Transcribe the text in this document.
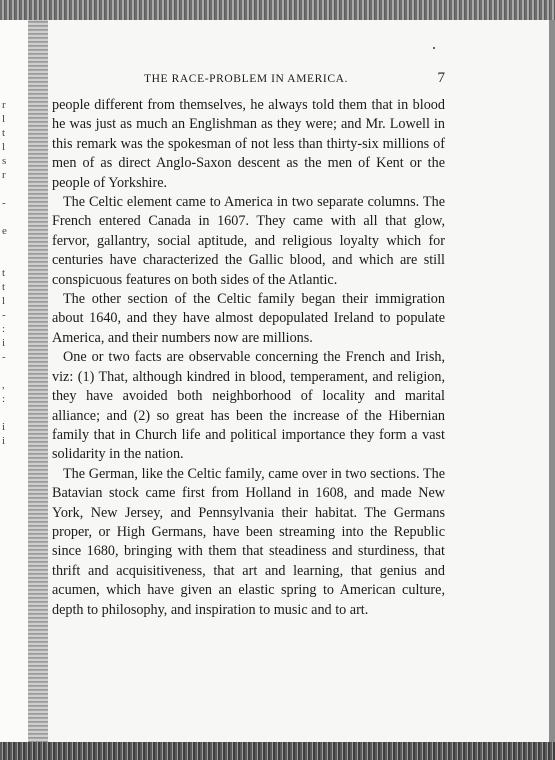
r
l
t
l
s
r
-
e
t
t
l
-
:
i
-
,
:
i
i
THE RACE-PROBLEM IN AMERICA.	7

people different from themselves, he always told them that in blood he was just as much an Englishman as they were; and Mr. Lowell in this remark was the spokesman of not less than thirty-six millions of men of as direct Anglo-Saxon descent as the men of Kent or the people of Yorkshire.

The Celtic element came to America in two separate columns. The French entered Canada in 1607. They came with all that glow, fervor, gallantry, social aptitude, and religious loyalty which for centuries have characterized the Gallic blood, and which are still conspicuous features on both sides of the Atlantic.

The other section of the Celtic family began their immigration about 1640, and they have almost depopulated Ireland to populate America, and their numbers now are millions.

One or two facts are observable concerning the French and Irish, viz: (1) That, although kindred in blood, temperament, and religion, they have avoided both neighborhood of locality and marital alliance; and (2) so great has been the increase of the Hibernian family that in Church life and political importance they form a vast solidarity in the nation.

The German, like the Celtic family, came over in two sections. The Batavian stock came first from Holland in 1608, and made New York, New Jersey, and Pennsylvania their habitat. The Germans proper, or High Germans, have been streaming into the Republic since 1680, bringing with them that steadiness and sturdiness, that thrift and acquisitiveness, that art and learning, that genius and acumen, which have given an elastic spring to American culture, depth to philosophy, and inspiration to music and to art.
